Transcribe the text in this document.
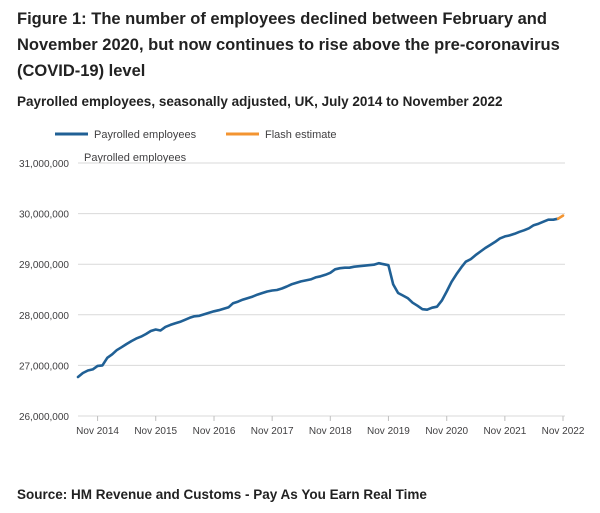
Figure 1: The number of employees declined between February and November 2020, but now continues to rise above the pre-coronavirus (COVID-19) level
Payrolled employees, seasonally adjusted, UK, July 2014 to November 2022
Payrolled employees	Flash estimate
Payrolled employees
26,000,000
27,000,000
28,000,000
29,000,000
30,000,000
31,000,000
Nov 2014 Nov 2015 Nov 2016 Nov 2017 Nov 2018 Nov 2019 Nov 2020 Nov 2021 Nov 2022
Source: HM Revenue and Customs - Pay As You Earn Real Time
